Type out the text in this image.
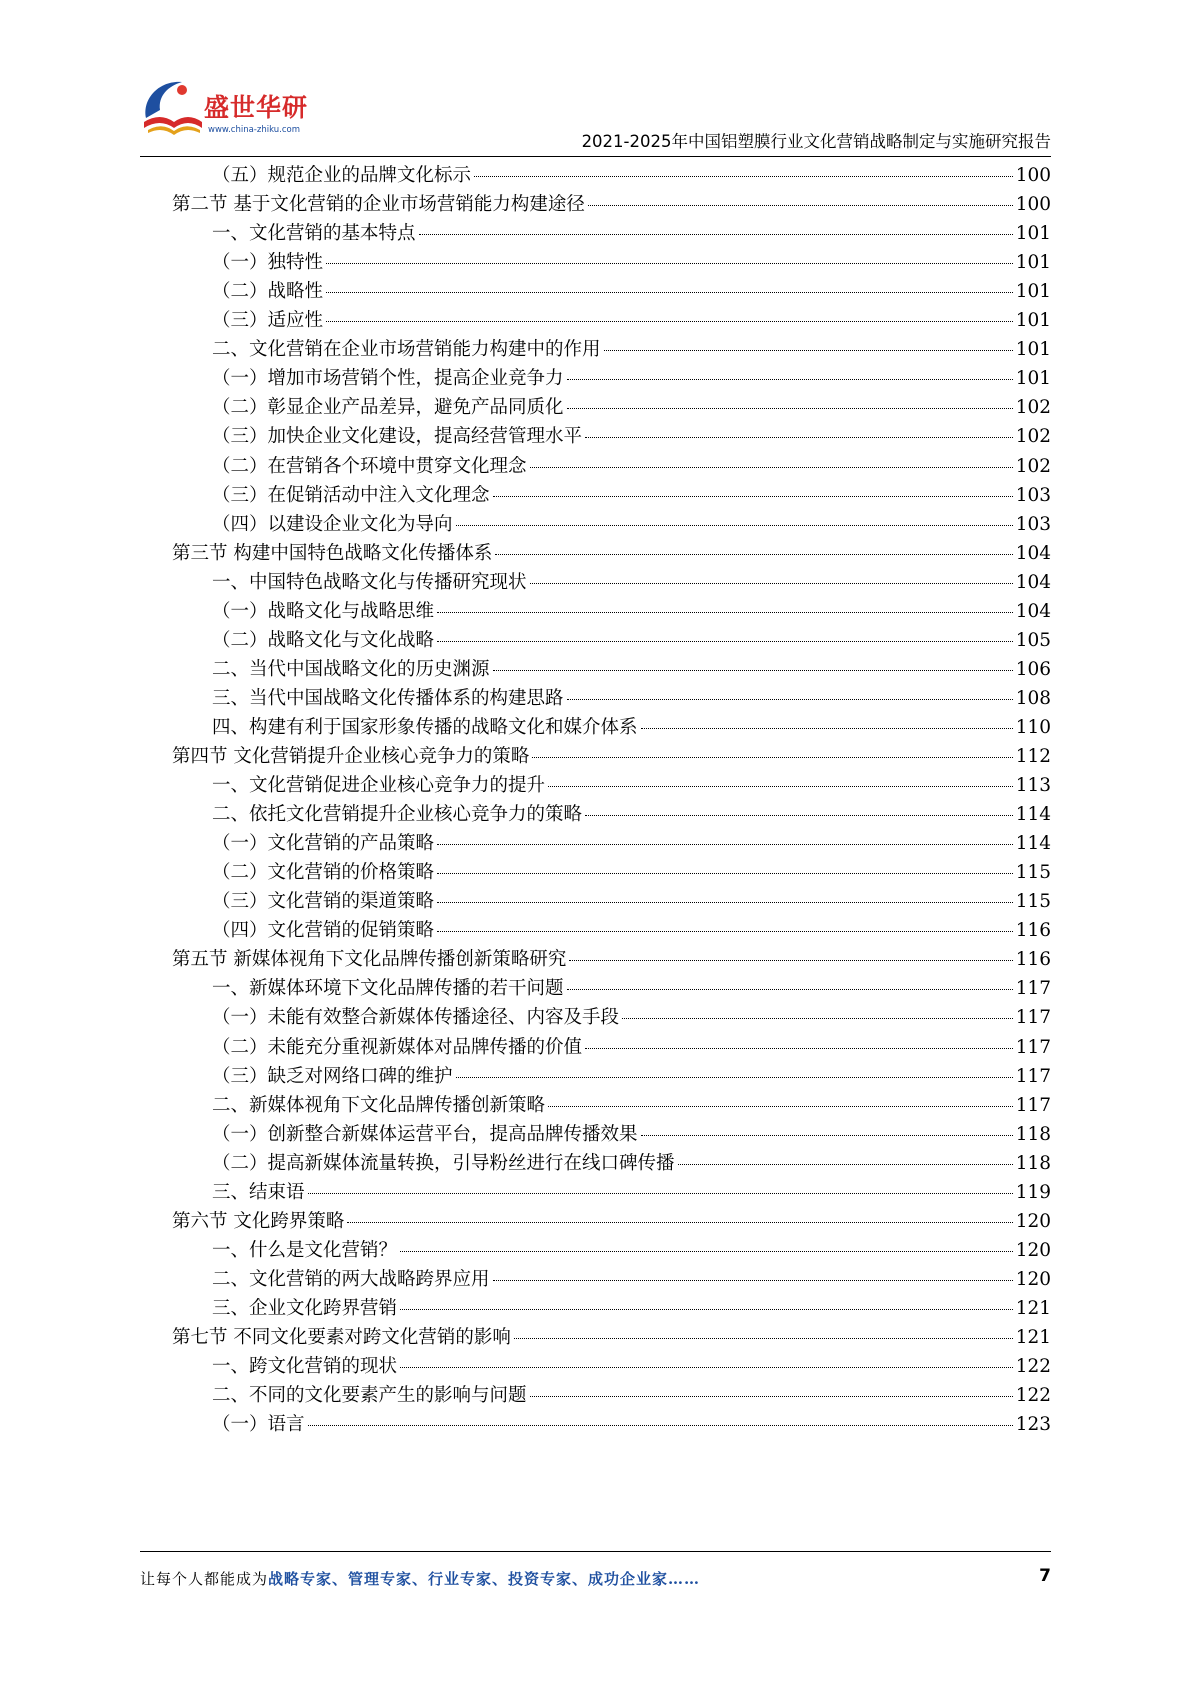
盛世华研
www.china-zhiku.com
2021-2025年中国铝塑膜行业文化营销战略制定与实施研究报告
（五）规范企业的品牌文化标示	100
第二节 基于文化营销的企业市场营销能力构建途径	100
一、文化营销的基本特点	101
（一）独特性	101
（二）战略性	101
（三）适应性	101
二、文化营销在企业市场营销能力构建中的作用	101
（一）增加市场营销个性，提高企业竞争力	101
（二）彰显企业产品差异，避免产品同质化	102
（三）加快企业文化建设，提高经营管理水平	102
（二）在营销各个环境中贯穿文化理念	102
（三）在促销活动中注入文化理念	103
（四）以建设企业文化为导向	103
第三节 构建中国特色战略文化传播体系	104
一、中国特色战略文化与传播研究现状	104
（一）战略文化与战略思维	104
（二）战略文化与文化战略	105
二、当代中国战略文化的历史渊源	106
三、当代中国战略文化传播体系的构建思路	108
四、构建有利于国家形象传播的战略文化和媒介体系	110
第四节 文化营销提升企业核心竞争力的策略	112
一、文化营销促进企业核心竞争力的提升	113
二、依托文化营销提升企业核心竞争力的策略	114
（一）文化营销的产品策略	114
（二）文化营销的价格策略	115
（三）文化营销的渠道策略	115
（四）文化营销的促销策略	116
第五节 新媒体视角下文化品牌传播创新策略研究	116
一、新媒体环境下文化品牌传播的若干问题	117
（一）未能有效整合新媒体传播途径、内容及手段	117
（二）未能充分重视新媒体对品牌传播的价值	117
（三）缺乏对网络口碑的维护	117
二、新媒体视角下文化品牌传播创新策略	117
（一）创新整合新媒体运营平台，提高品牌传播效果	118
（二）提高新媒体流量转换，引导粉丝进行在线口碑传播	118
三、结束语	119
第六节 文化跨界策略	120
一、什么是文化营销？	120
二、文化营销的两大战略跨界应用	120
三、企业文化跨界营销	121
第七节 不同文化要素对跨文化营销的影响	121
一、跨文化营销的现状	122
二、不同的文化要素产生的影响与问题	122
（一）语言	123
让每个人都能成为战略专家、管理专家、行业专家、投资专家、成功企业家……	7
